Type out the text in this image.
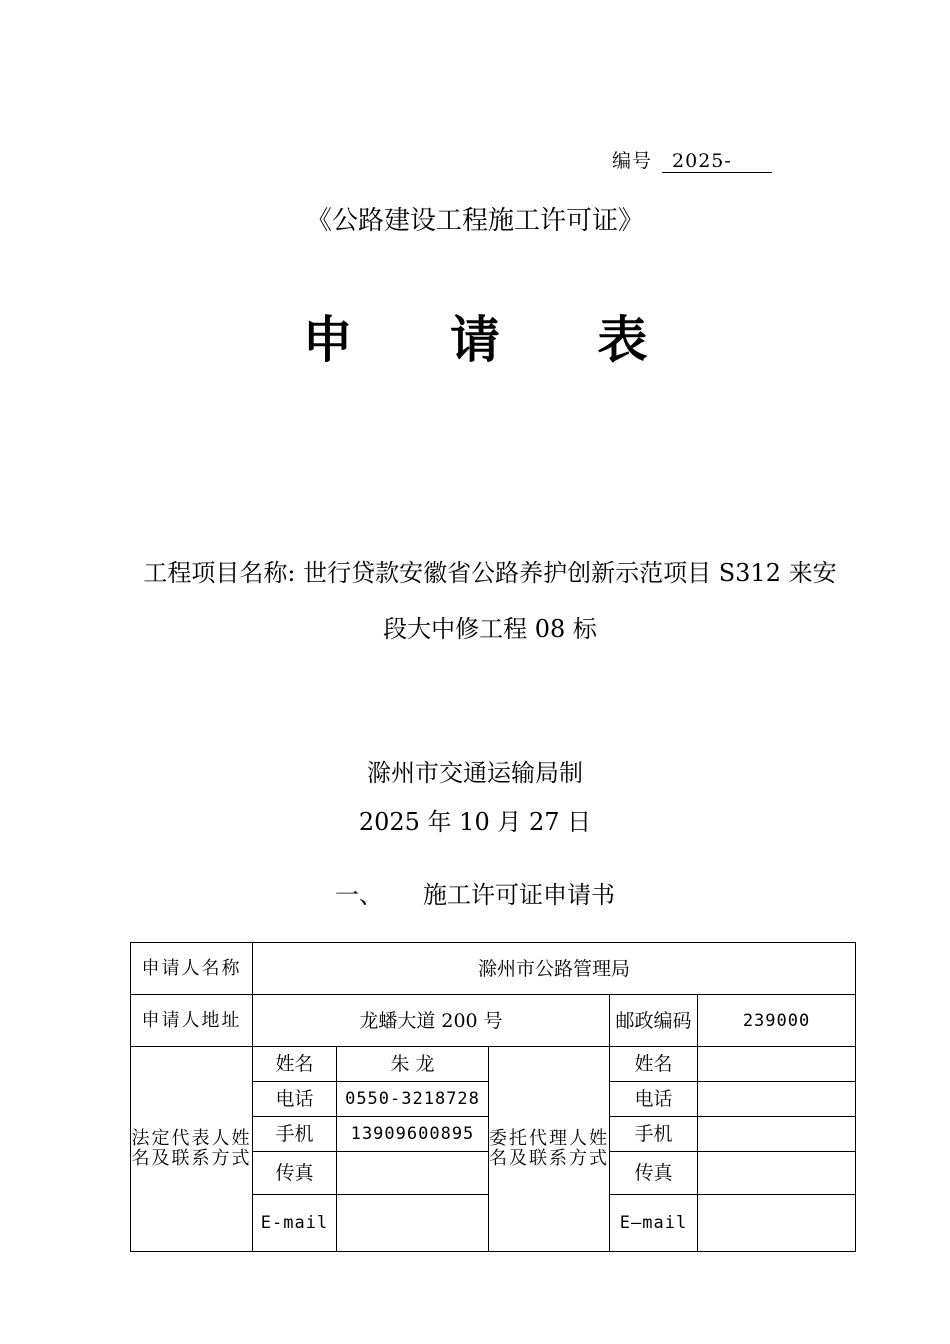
编号 2025-
《公路建设工程施工许可证》
申 请 表
工程项目名称: 世行贷款安徽省公路养护创新示范项目 S312 来安
段大中修工程 08 标
滁州市交通运输局制
2025 年 10 月 27 日
一、 施工许可证申请书
申请人名称	滁州市公路管理局				
申请人地址	龙蟠大道 200 号			邮政编码	239000
法定代表人姓名及联系方式	姓名	朱 龙	委托代理人姓名及联系方式	姓名	
	电话	0550-3218728		电话	
	手机	13909600895		手机	
	传真			传真	
	E-mail			E—mail	
